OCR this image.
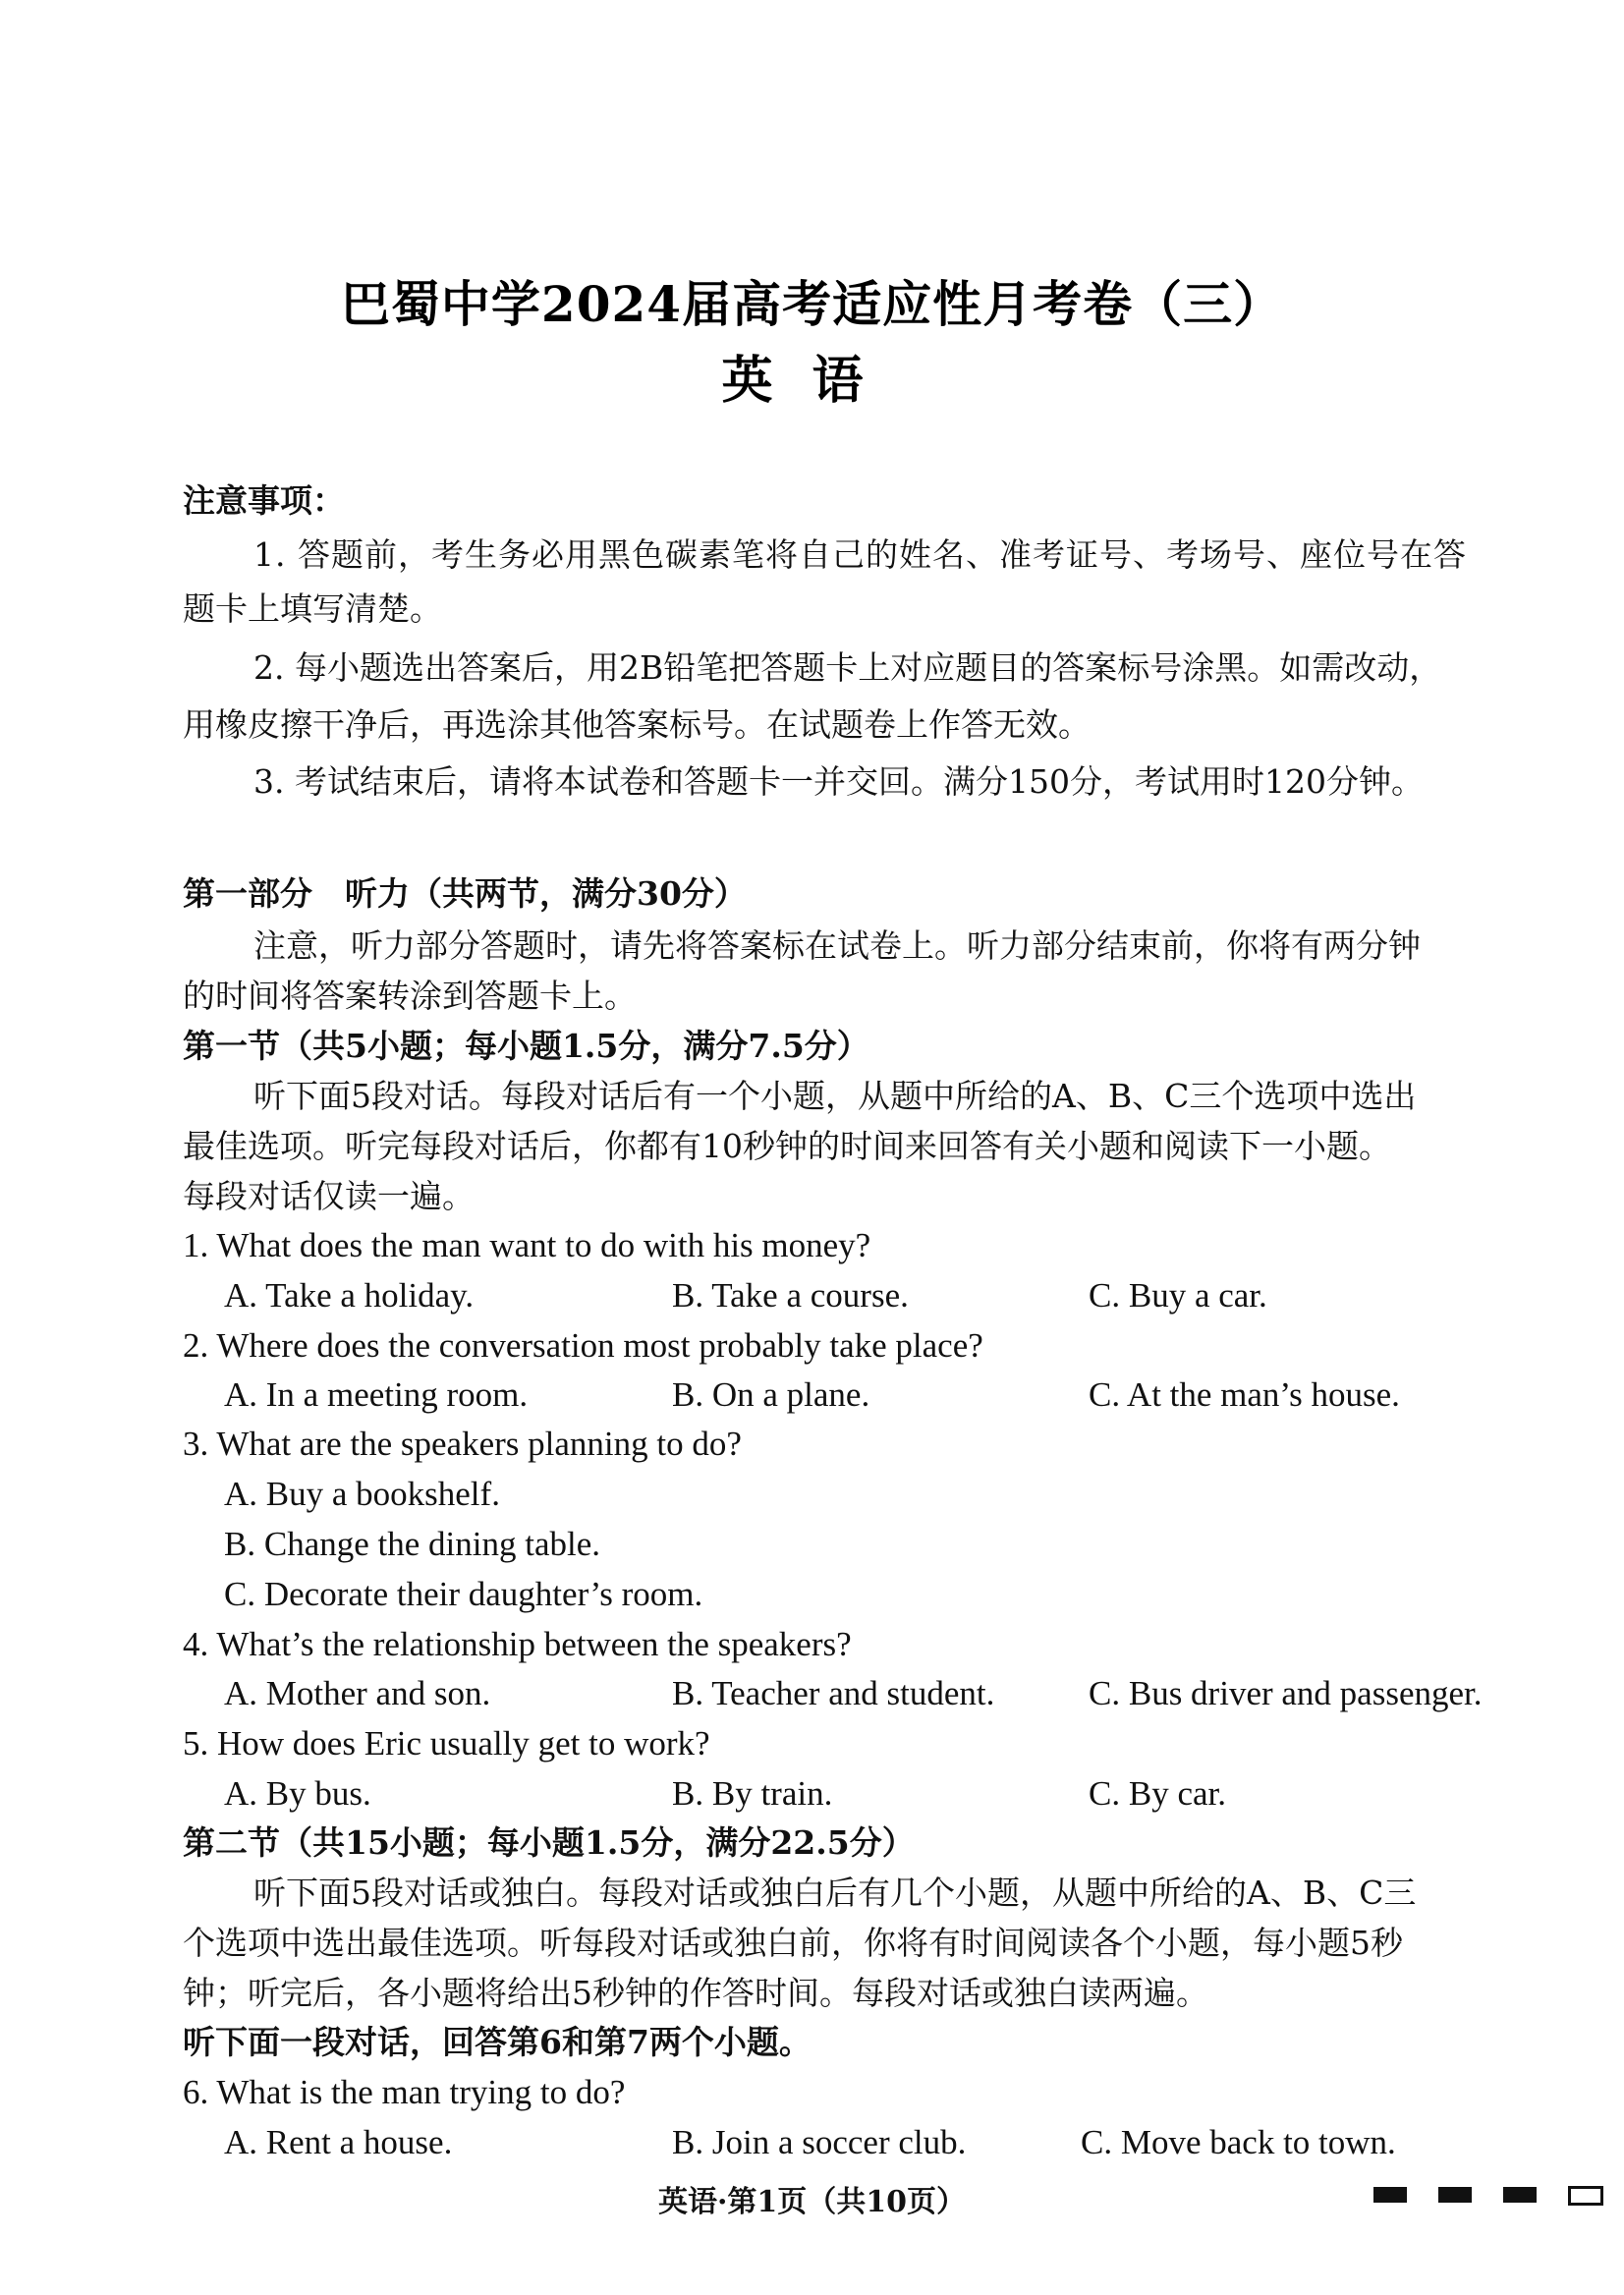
巴蜀中学2024届高考适应性月考卷（三）
英语
注意事项：
1. 答题前，考生务必用黑色碳素笔将自己的姓名、准考证号、考场号、座位号在答
题卡上填写清楚。
2. 每小题选出答案后，用2B铅笔把答题卡上对应题目的答案标号涂黑。如需改动，
用橡皮擦干净后，再选涂其他答案标号。在试题卷上作答无效。
3. 考试结束后，请将本试卷和答题卡一并交回。满分150分，考试用时120分钟。
第一部分　听力（共两节，满分30分）
注意，听力部分答题时，请先将答案标在试卷上。听力部分结束前，你将有两分钟
的时间将答案转涂到答题卡上。
第一节（共5小题；每小题1.5分，满分7.5分）
听下面5段对话。每段对话后有一个小题，从题中所给的A、B、C三个选项中选出
最佳选项。听完每段对话后，你都有10秒钟的时间来回答有关小题和阅读下一小题。
每段对话仅读一遍。
1. What does the man want to do with his money?
A. Take a holiday.	B. Take a course.	C. Buy a car.
2. Where does the conversation most probably take place?
A. In a meeting room.	B. On a plane.	C. At the man’s house.
3. What are the speakers planning to do?
A. Buy a bookshelf.
B. Change the dining table.
C. Decorate their daughter’s room.
4. What’s the relationship between the speakers?
A. Mother and son.	B. Teacher and student.	C. Bus driver and passenger.
5. How does Eric usually get to work?
A. By bus.	B. By train.	C. By car.
第二节（共15小题；每小题1.5分，满分22.5分）
听下面5段对话或独白。每段对话或独白后有几个小题，从题中所给的A、B、C三
个选项中选出最佳选项。听每段对话或独白前，你将有时间阅读各个小题，每小题5秒
钟；听完后，各小题将给出5秒钟的作答时间。每段对话或独白读两遍。
听下面一段对话，回答第6和第7两个小题。
6. What is the man trying to do?
A. Rent a house.	B. Join a soccer club.	C. Move back to town.
英语·第1页（共10页）
